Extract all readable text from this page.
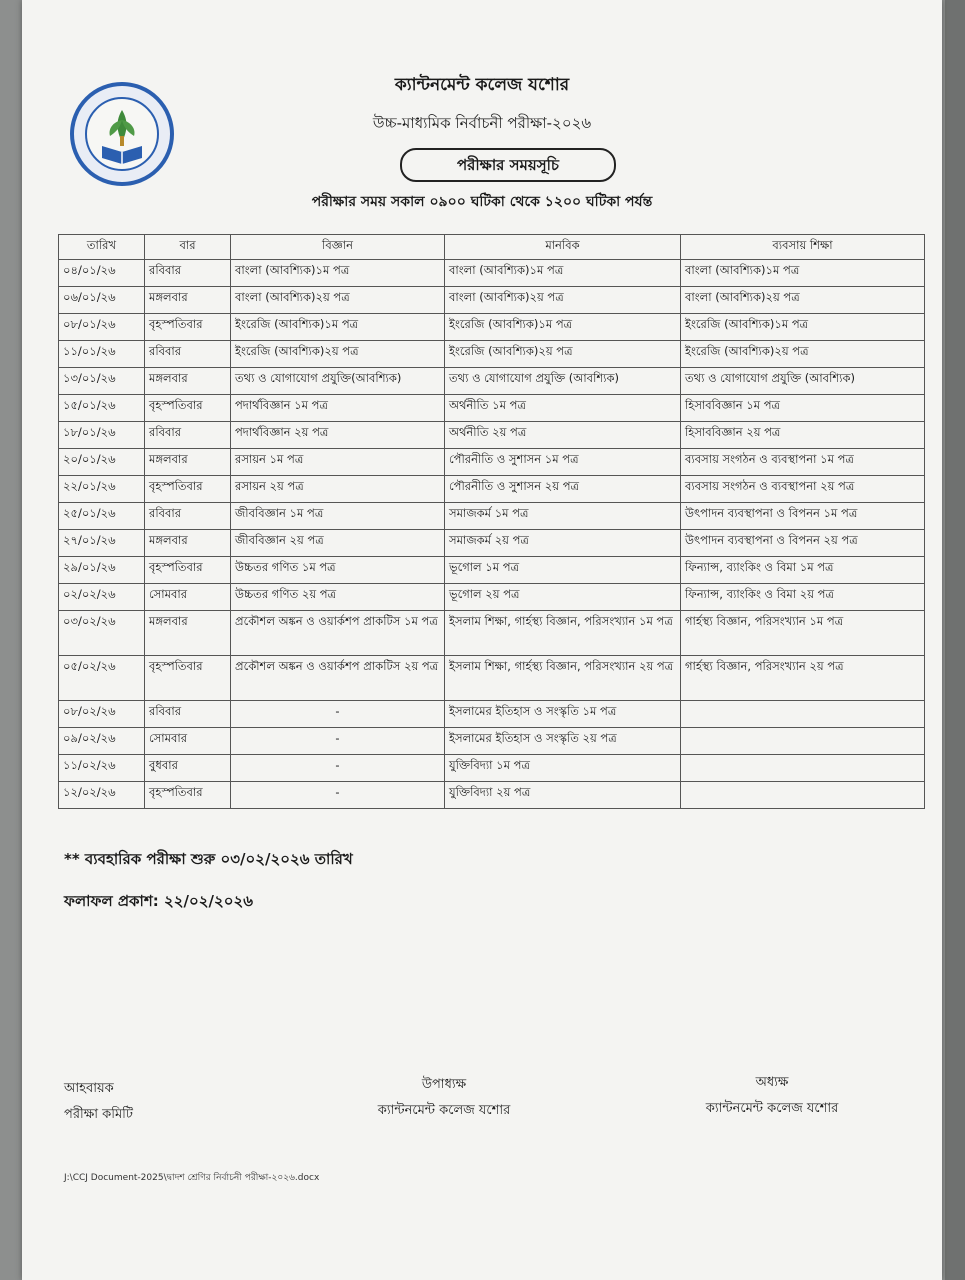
ক্যান্টনমেন্ট কলেজ যশোর
উচ্চ-মাধ্যমিক নির্বাচনী পরীক্ষা-২০২৬
পরীক্ষার সময়সূচি
পরীক্ষার সময় সকাল ০৯০০ ঘটিকা থেকে ১২০০ ঘটিকা পর্যন্ত
তারিখ	বার	বিজ্ঞান	মানবিক	ব্যবসায় শিক্ষা
০৪/০১/২৬	রবিবার	বাংলা (আবশ্যিক)১ম পত্র	বাংলা (আবশ্যিক)১ম পত্র	বাংলা (আবশ্যিক)১ম পত্র
০৬/০১/২৬	মঙ্গলবার	বাংলা (আবশ্যিক)২য় পত্র	বাংলা (আবশ্যিক)২য় পত্র	বাংলা (আবশ্যিক)২য় পত্র
০৮/০১/২৬	বৃহস্পতিবার	ইংরেজি (আবশ্যিক)১ম পত্র	ইংরেজি (আবশ্যিক)১ম পত্র	ইংরেজি (আবশ্যিক)১ম পত্র
১১/০১/২৬	রবিবার	ইংরেজি (আবশ্যিক)২য় পত্র	ইংরেজি (আবশ্যিক)২য় পত্র	ইংরেজি (আবশ্যিক)২য় পত্র
১৩/০১/২৬	মঙ্গলবার	তথ্য ও যোগাযোগ প্রযুক্তি(আবশ্যিক)	তথ্য ও যোগাযোগ প্রযুক্তি (আবশ্যিক)	তথ্য ও যোগাযোগ প্রযুক্তি (আবশ্যিক)
১৫/০১/২৬	বৃহস্পতিবার	পদার্থবিজ্ঞান ১ম পত্র	অর্থনীতি ১ম পত্র	হিসাববিজ্ঞান ১ম পত্র
১৮/০১/২৬	রবিবার	পদার্থবিজ্ঞান ২য় পত্র	অর্থনীতি ২য় পত্র	হিসাববিজ্ঞান ২য় পত্র
২০/০১/২৬	মঙ্গলবার	রসায়ন ১ম পত্র	পৌরনীতি ও সুশাসন ১ম পত্র	ব্যবসায় সংগঠন ও ব্যবস্থাপনা ১ম পত্র
২২/০১/২৬	বৃহস্পতিবার	রসায়ন ২য় পত্র	পৌরনীতি ও সুশাসন ২য় পত্র	ব্যবসায় সংগঠন ও ব্যবস্থাপনা ২য় পত্র
২৫/০১/২৬	রবিবার	জীববিজ্ঞান ১ম পত্র	সমাজকর্ম ১ম পত্র	উৎপাদন ব্যবস্থাপনা ও বিপনন ১ম পত্র
২৭/০১/২৬	মঙ্গলবার	জীববিজ্ঞান ২য় পত্র	সমাজকর্ম ২য় পত্র	উৎপাদন ব্যবস্থাপনা ও বিপনন ২য় পত্র
২৯/০১/২৬	বৃহস্পতিবার	উচ্চতর গণিত ১ম পত্র	ভূগোল ১ম পত্র	ফিন্যান্স, ব্যাংকিং ও বিমা ১ম পত্র
০২/০২/২৬	সোমবার	উচ্চতর গণিত ২য় পত্র	ভূগোল ২য় পত্র	ফিন্যান্স, ব্যাংকিং ও বিমা ২য় পত্র
০৩/০২/২৬	মঙ্গলবার	প্রকৌশল অঙ্কন ও ওয়ার্কশপ প্রাকটিস ১ম পত্র	ইসলাম শিক্ষা, গার্হস্থ্য বিজ্ঞান, পরিসংখ্যান ১ম পত্র	গার্হস্থ্য বিজ্ঞান, পরিসংখ্যান ১ম পত্র
০৫/০২/২৬	বৃহস্পতিবার	প্রকৌশল অঙ্কন ও ওয়ার্কশপ প্রাকটিস ২য় পত্র	ইসলাম শিক্ষা, গার্হস্থ্য বিজ্ঞান, পরিসংখ্যান ২য় পত্র	গার্হস্থ্য বিজ্ঞান, পরিসংখ্যান ২য় পত্র
০৮/০২/২৬	রবিবার	-	ইসলামের ইতিহাস ও সংস্কৃতি ১ম পত্র	
০৯/০২/২৬	সোমবার	-	ইসলামের ইতিহাস ও সংস্কৃতি ২য় পত্র	
১১/০২/২৬	বুধবার	-	যুক্তিবিদ্যা ১ম পত্র	
১২/০২/২৬	বৃহস্পতিবার	-	যুক্তিবিদ্যা ২য় পত্র	
** ব্যবহারিক পরীক্ষা শুরু ০৩/০২/২০২৬ তারিখ
ফলাফল প্রকাশ: ২২/০২/২০২৬
আহবায়ক
পরীক্ষা কমিটি
উপাধ্যক্ষ
ক্যান্টনমেন্ট কলেজ যশোর
অধ্যক্ষ
ক্যান্টনমেন্ট কলেজ যশোর
J:\CCJ Document-2025\দ্বাদশ শ্রেণির নির্বাচনী পরীক্ষা-২০২৬.docx
